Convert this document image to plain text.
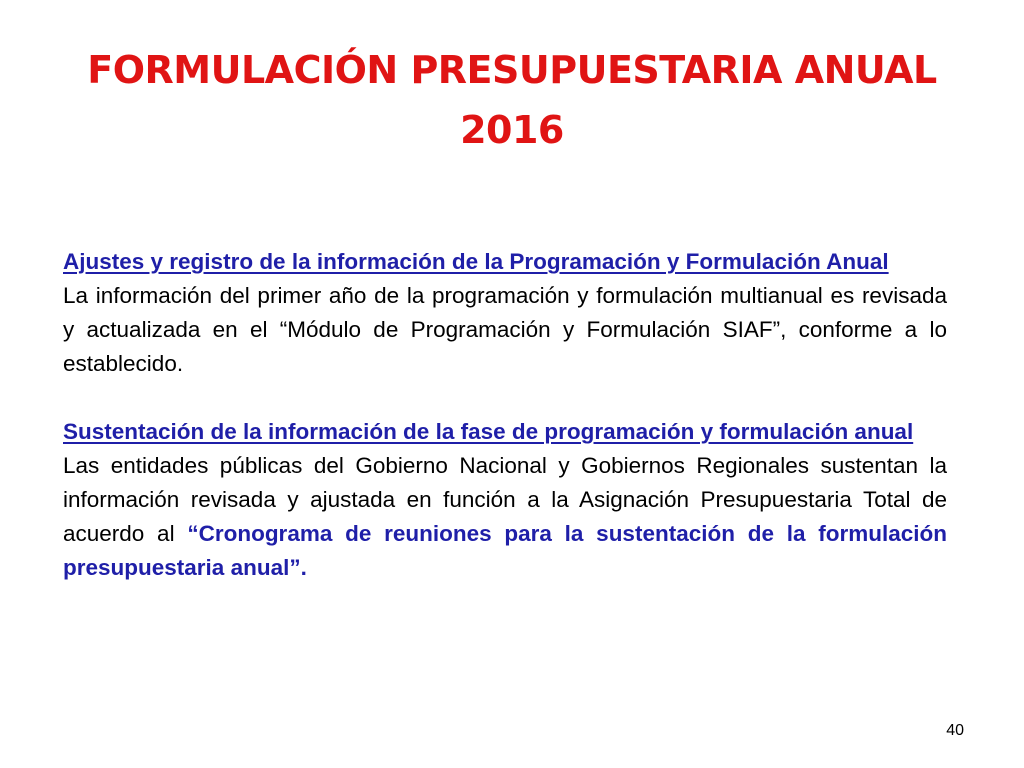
FORMULACIÓN PRESUPUESTARIA ANUAL
2016
Ajustes y registro de la información de la Programación y Formulación Anual
La información del primer año de la programación y formulación multianual es revisada y actualizada en el “Módulo de Programación y Formulación SIAF”, conforme a lo establecido.
Sustentación de la información de la fase de programación y formulación anual
Las entidades públicas del Gobierno Nacional y Gobiernos Regionales sustentan la información revisada y ajustada en función a la Asignación Presupuestaria Total de acuerdo al “Cronograma de reuniones para la sustentación de la formulación presupuestaria anual”.
40
